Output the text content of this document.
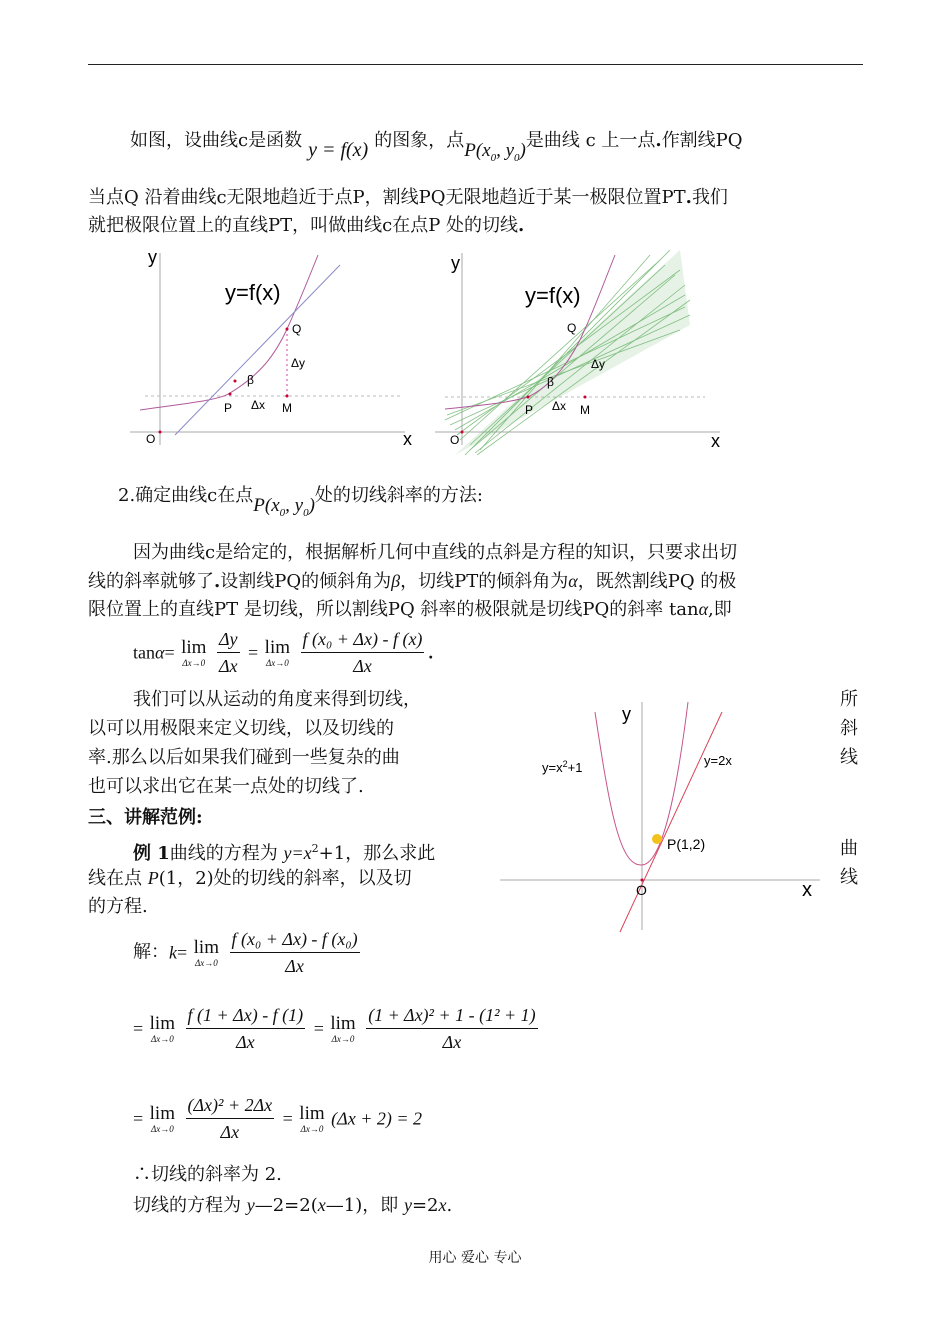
如图，设曲线c是函数 y = f(x) 的图象，点$P(x_0$, $y_0$)是曲线 c 上一点.作割线PQ
当点Q 沿着曲线c无限地趋近于点P，割线PQ无限地趋近于某一极限位置PT.我们
就把极限位置上的直线PT，叫做曲线c在点P 处的切线.
y
y=f(x)
Q
Δy
β
P Δx M
O	x
y
y=f(x)
Q
Δy
β
P Δx M
O	x
2.确定曲线c在点$P(x_0$, $y_0$)处的切线斜率的方法:
因为曲线c是给定的，根据解析几何中直线的点斜是方程的知识，只要求出切
线的斜率就够了.设割线PQ的倾斜角为β，切线PT的倾斜角为α，既然割线PQ 的极
限位置上的直线PT 是切线，所以割线PQ 斜率的极限就是切线PQ的斜率 tanα,即
tanα= lim
Δx→0
$\frac{\Delta y}{\Delta x} = \lim$
Δx→0
$\frac{\text{f (x₀ + Δx) - f (x)}}{\Delta x}$ .
我们可以从运动的角度来得到切线，
以可以用极限来定义切线，以及切线的
率.那么以后如果我们碰到一些复杂的曲
也可以求出它在某一点处的切线了.
所
斜
线
三、讲解范例:
例 1曲线的方程为 $y=x^2+1$，那么求此
线在点 P(1，2)处的切线的斜率，以及切
的方程.
曲
线
y
$y=x^2+1$	y=2x
P(1,2)
O	x
解：k= lim
Δx→0
$\frac{\text{f (x₀ + Δx) - f (x₀)}}{\Delta x}$
= lim
Δx→0
$\frac{f (1 + \Delta x) - f (1)}{\Delta x} = \lim$
Δx→0
$\frac{\text{(1 + Δx)² + 1 - (1² + 1)}}{\Delta x}$
= lim
Δx→0
$\frac{\text{(Δx)² + 2Δx}}{\Delta x} = \lim$
Δx→0 (Δx + 2) = 2
∴切线的斜率为 2.
切线的方程为 y—2=2(x—1)，即 y=2x.
用心 爱心 专心
